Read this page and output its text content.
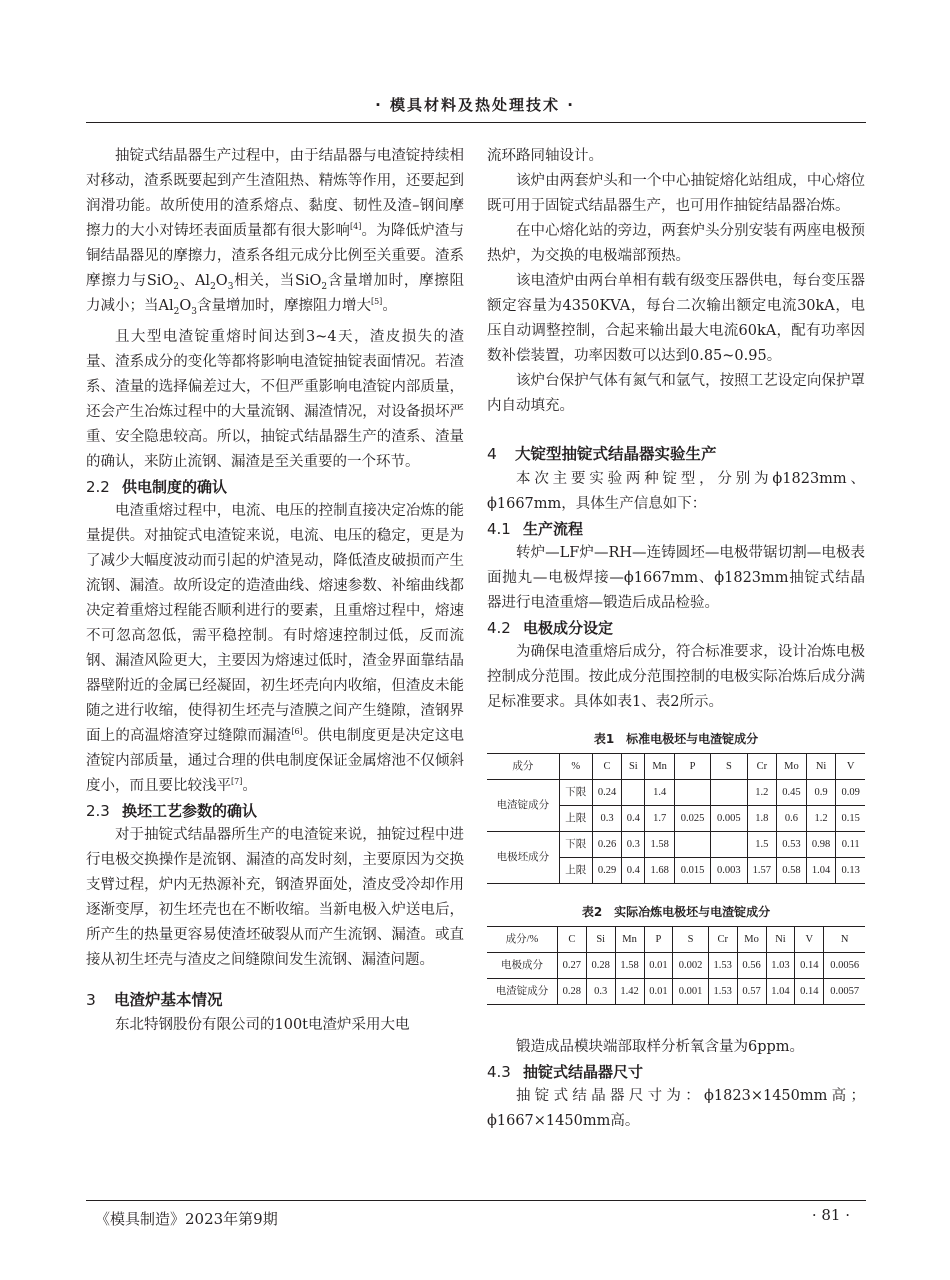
· 模具材料及热处理技术 ·

抽锭式结晶器生产过程中，由于结晶器与电渣锭持续相对移动，渣系既要起到产生渣阻热、精炼等作用，还要起到润滑功能。故所使用的渣系熔点、黏度、韧性及渣–钢间摩擦力的大小对铸坯表面质量都有很大影响[4]。为降低炉渣与铜结晶器见的摩擦力，渣系各组元成分比例至关重要。渣系摩擦力与SiO$_2$、$Al_2O_3$相关，当SiO$_2$含量增加时，摩擦阻力减小；当$Al_2O_3$含量增加时，摩擦阻力增大[5]。

且大型电渣锭重熔时间达到3~4天，渣皮损失的渣量、渣系成分的变化等都将影响电渣锭抽锭表面情况。若渣系、渣量的选择偏差过大，不但严重影响电渣锭内部质量，还会产生冶炼过程中的大量流钢、漏渣情况，对设备损坏严重、安全隐患较高。所以，抽锭式结晶器生产的渣系、渣量的确认，来防止流钢、漏渣是至关重要的一个环节。

2.2 供电制度的确认

电渣重熔过程中，电流、电压的控制直接决定冶炼的能量提供。对抽锭式电渣锭来说，电流、电压的稳定，更是为了减少大幅度波动而引起的炉渣晃动，降低渣皮破损而产生流钢、漏渣。故所设定的造渣曲线、熔速参数、补缩曲线都决定着重熔过程能否顺利进行的要素，且重熔过程中，熔速不可忽高忽低，需平稳控制。有时熔速控制过低，反而流钢、漏渣风险更大，主要因为熔速过低时，渣金界面靠结晶器壁附近的金属已经凝固，初生坯壳向内收缩，但渣皮未能随之进行收缩，使得初生坯壳与渣膜之间产生缝隙，渣钢界面上的高温熔渣穿过缝隙而漏渣[6]。供电制度更是决定这电渣锭内部质量，通过合理的供电制度保证金属熔池不仅倾斜度小，而且要比较浅平[7]。

2.3 换坯工艺参数的确认

对于抽锭式结晶器所生产的电渣锭来说，抽锭过程中进行电极交换操作是流钢、漏渣的高发时刻，主要原因为交换支臂过程，炉内无热源补充，钢渣界面处，渣皮受冷却作用逐渐变厚，初生坯壳也在不断收缩。当新电极入炉送电后，所产生的热量更容易使渣坯破裂从而产生流钢、漏渣。或直接从初生坯壳与渣皮之间缝隙间发生流钢、漏渣问题。

3 电渣炉基本情况

东北特钢股份有限公司的100t电渣炉采用大电

流环路同轴设计。

该炉由两套炉头和一个中心抽锭熔化站组成，中心熔位既可用于固锭式结晶器生产，也可用作抽锭结晶器冶炼。

在中心熔化站的旁边，两套炉头分别安装有两座电极预热炉，为交换的电极端部预热。

该电渣炉由两台单相有载有级变压器供电，每台变压器额定容量为4350KVA，每台二次输出额定电流30kA，电压自动调整控制，合起来输出最大电流60kA，配有功率因数补偿装置，功率因数可以达到0.85~0.95。

该炉台保护气体有氮气和氩气，按照工艺设定向保护罩内自动填充。

4 大锭型抽锭式结晶器实验生产

本次主要实验两种锭型，分别为ϕ1823mm、ϕ1667mm，具体生产信息如下：

4.1 生产流程

转炉—LF炉—RH—连铸圆坯—电极带锯切割—电极表面抛丸—电极焊接—ϕ1667mm、ϕ1823mm抽锭式结晶器进行电渣重熔—锻造后成品检验。

4.2 电极成分设定

为确保电渣重熔后成分，符合标准要求，设计冶炼电极控制成分范围。按此成分范围控制的电极实际冶炼后成分满足标准要求。具体如表1、表2所示。

表1　标准电极坯与电渣锭成分
成分	%	C	Si	Mn	P	S	Cr	Mo	Ni	V
电渣锭成分	下限	0.24		1.4			1.2	0.45	0.9	0.09
	上限	0.3	0.4	1.7	0.025	0.005	1.8	0.6	1.2	0.15
电极坯成分	下限	0.26	0.3	1.58			1.5	0.53	0.98	0.11
	上限	0.29	0.4	1.68	0.015	0.003	1.57	0.58	1.04	0.13
表2　实际冶炼电极坯与电渣锭成分
成分/%	C	Si	Mn	P	S	Cr	Mo	Ni	V	N
电极成分	0.27	0.28	1.58	0.01	0.002	1.53	0.56	1.03	0.14	0.0056
电渣锭成分	0.28	0.3	1.42	0.01	0.001	1.53	0.57	1.04	0.14	0.0057

锻造成品模块端部取样分析氧含量为6ppm。

4.3 抽锭式结晶器尺寸

抽锭式结晶器尺寸为：ϕ1823×1450mm高；ϕ1667×1450mm高。

《模具制造》2023年第9期	· 81 ·
